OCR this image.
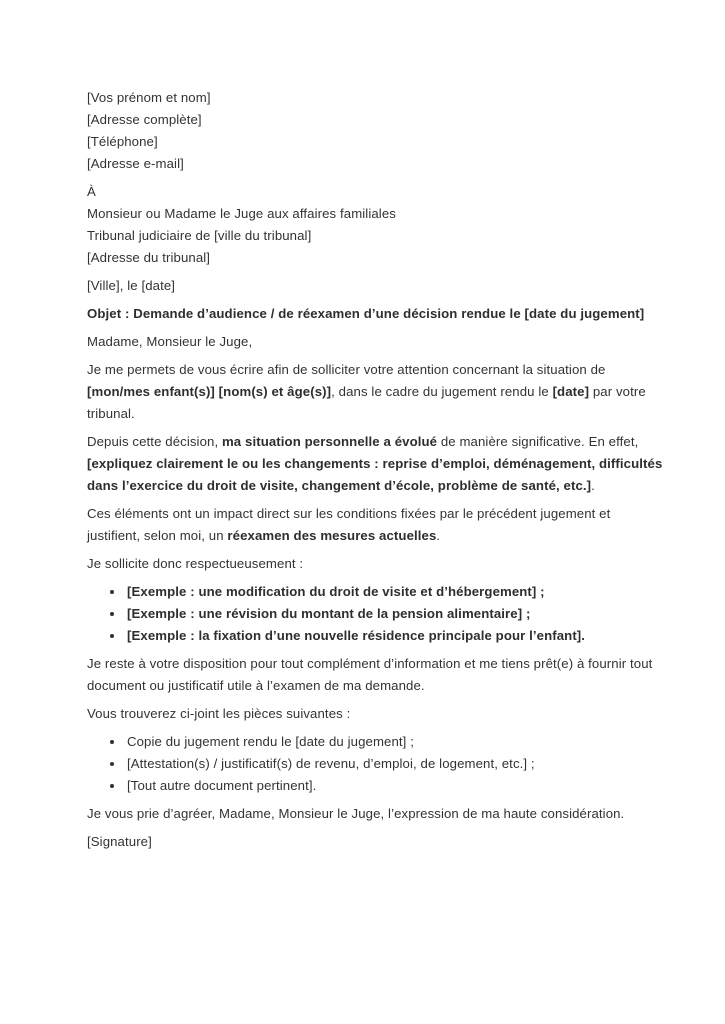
[Vos prénom et nom]
[Adresse complète]
[Téléphone]
[Adresse e-mail]
À
Monsieur ou Madame le Juge aux affaires familiales
Tribunal judiciaire de [ville du tribunal]
[Adresse du tribunal]

[Ville], le [date]

Objet : Demande d’audience / de réexamen d’une décision rendue le [date du jugement]

Madame, Monsieur le Juge,

Je me permets de vous écrire afin de solliciter votre attention concernant la situation de [mon/mes enfant(s)] [nom(s) et âge(s)], dans le cadre du jugement rendu le [date] par votre tribunal.

Depuis cette décision, ma situation personnelle a évolué de manière significative. En effet, [expliquez clairement le ou les changements : reprise d’emploi, déménagement, difficultés dans l’exercice du droit de visite, changement d’école, problème de santé, etc.].

Ces éléments ont un impact direct sur les conditions fixées par le précédent jugement et justifient, selon moi, un réexamen des mesures actuelles.

Je sollicite donc respectueusement :

• [Exemple : une modification du droit de visite et d’hébergement] ;
• [Exemple : une révision du montant de la pension alimentaire] ;
• [Exemple : la fixation d’une nouvelle résidence principale pour l’enfant].

Je reste à votre disposition pour tout complément d’information et me tiens prêt(e) à fournir tout document ou justificatif utile à l’examen de ma demande.

Vous trouverez ci-joint les pièces suivantes :

• Copie du jugement rendu le [date du jugement] ;
• [Attestation(s) / justificatif(s) de revenu, d’emploi, de logement, etc.] ;
• [Tout autre document pertinent].

Je vous prie d’agréer, Madame, Monsieur le Juge, l’expression de ma haute considération.

[Signature]
